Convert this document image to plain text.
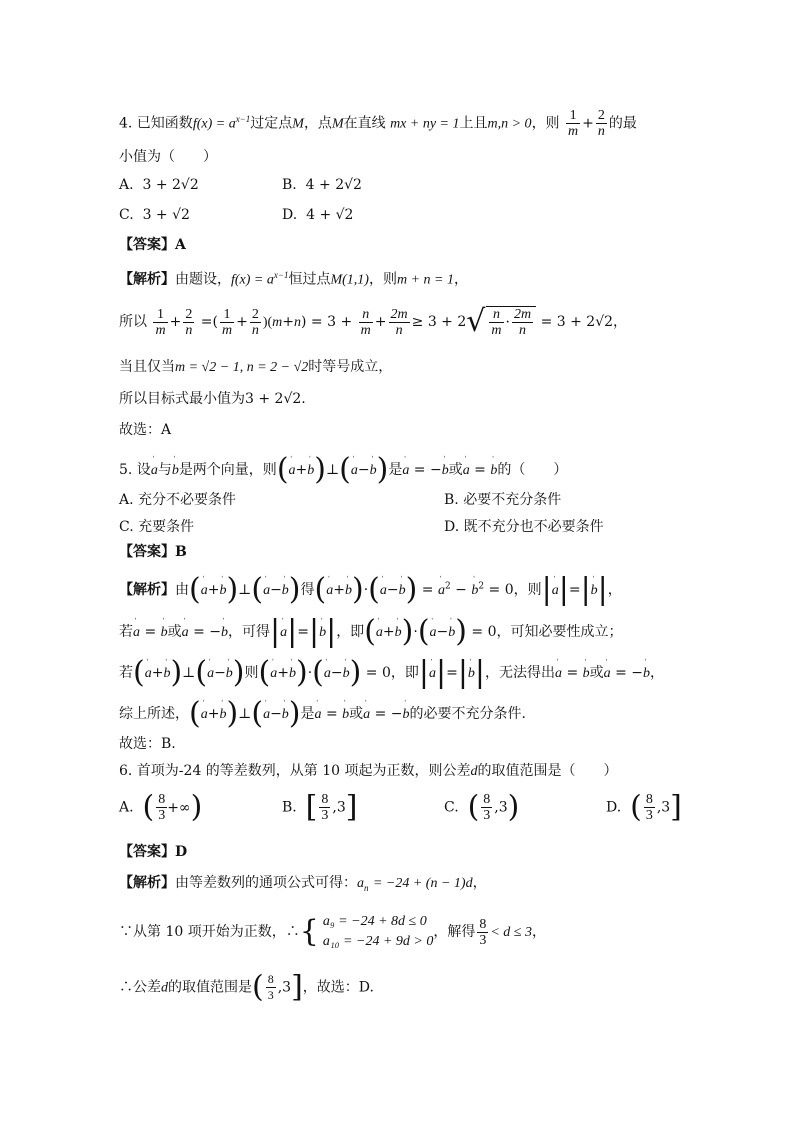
4. 已知函数$f(x) = a^{x-1}$过定点M，点M在直线 mx + ny = 1上且m,n > 0，则 $\frac{1}{m} + \frac{2}{n}$ 的最
小值为（　　）
A. 3 + 2√2	B. 4 + 2√2
C. 3 + √2	D. 4 + √2
【答案】A
【解析】由题设，$f(x) = a^{x-1}$恒过点M(1,1)，则m + n = 1，
所以 $\frac{1}{m} + \frac{2}{n}$ =( $\frac{1}{m} + \frac{2}{n} )(m+n) = 3 + \frac{n}{m} + \frac{2m}{n} \ge 3 + 2√ \frac{n}{m} \cdot \frac{2m}{n} = 3 + 2√2$，
当且仅当m = √2 − 1, n = 2 − √2时等号成立，
所以目标式最小值为3 + 2√2.
故选：A
5. 设ˈ a与ˈ b是两个向量，则(ˈ a+ˈ b)⊥(ˈ a−ˈ b)是ˈ a = −ˈ b或ˈ a = ˈ b的（　　）
A. 充分不必要条件	B. 必要不充分条件
C. 充要条件	D. 既不充分也不必要条件
【答案】B
【解析】由(ˈ a+ˈ b)⊥(ˈ a−ˈ b)得(ˈ a+ˈ b)·(ˈ a−ˈ b) = ˈ $a^2$ − ˈ $b^2 = 0$，则|ˈ a|=|ˈ b|，
若ˈ a = ˈ b或ˈ a = −ˈ b，可得|ˈ a|=|ˈ b|，即(ˈ a+ˈ b)·(ˈ a−ˈ b) = 0，可知必要性成立；
若(ˈ a+ˈ b)⊥(ˈ a−ˈ b)则(ˈ a+ˈ b)·(ˈ a−ˈ b) = 0，即|ˈ a|=|ˈ b|，无法得出ˈ a = ˈ b或ˈ a = −ˈ b，
综上所述，(ˈ a+ˈ b)⊥(ˈ a−ˈ b)是ˈ a = ˈ b或ˈ a = −ˈ b的必要不充分条件.
故选：B.
6. 首项为-24 的等差数列，从第 10 项起为正数，则公差d的取值范围是（　　）
A. ( $\frac{8}{3}$ +∞)	B. [ $\frac{8}{3} ,3$]	C. ( $\frac{8}{3} ,3$)	D. ( $\frac{8}{3} ,3$]
【答案】D
【解析】由等差数列的通项公式可得：$a_n = -24 + (n - 1)d$，
∵从第 10 项开始为正数，∴{ a₉ = −24 + 8d ≤ 0
a₁₀ = −24 + 9d > 0
，解得 $\frac{8}{3} < d \le 3$，
∴公差d的取值范围是( $\frac{8}{3} ,3$]，故选：D.
